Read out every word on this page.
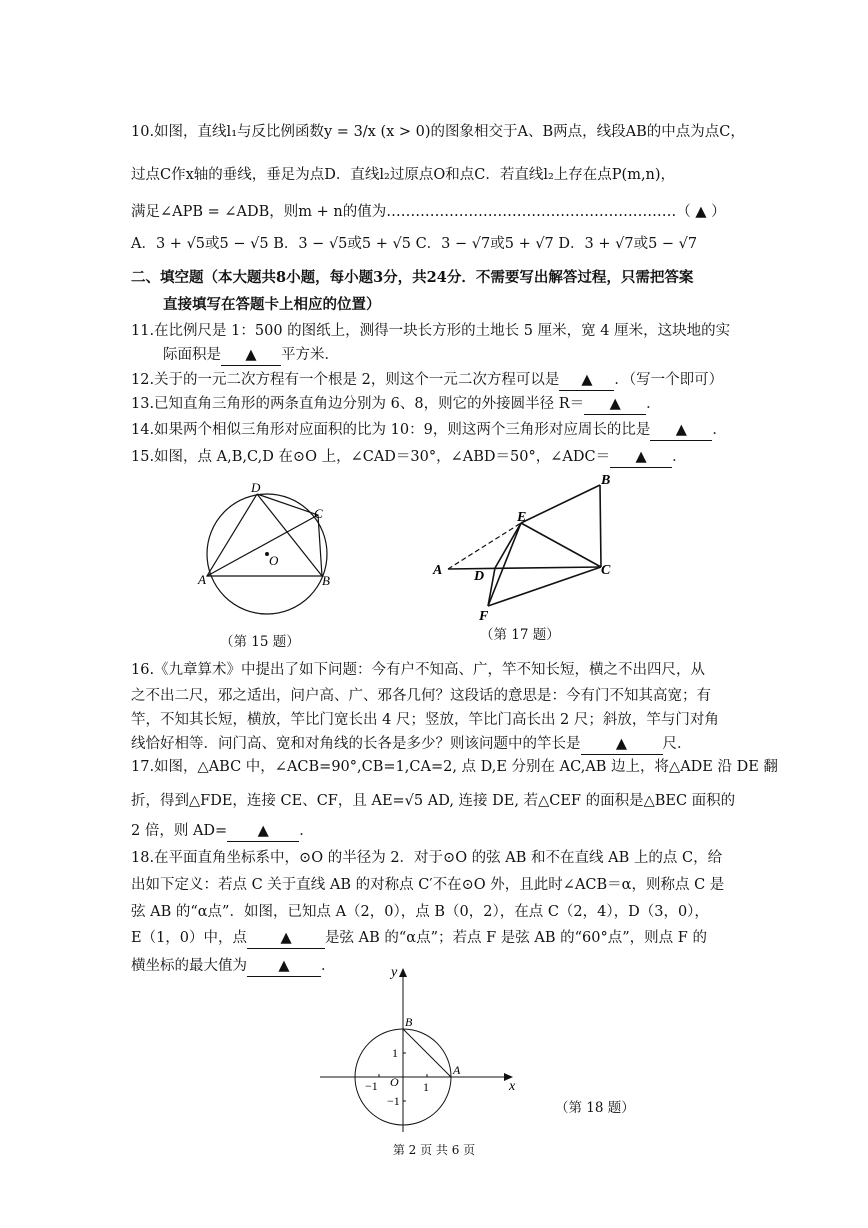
10.如图，直线l₁与反比例函数y = 3/x (x > 0)的图象相交于A、B两点，线段AB的中点为点C，
过点C作x轴的垂线，垂足为点D．直线l₂过原点O和点C．若直线l₂上存在点P(m,n)，
满足∠APB = ∠ADB，则m + n的值为……………………………………………………（ ▲ ）
A．3 + √5或5 − √5 B．3 − √5或5 + √5 C．3 − √7或5 + √7 D．3 + √7或5 − √7
二、填空题（本大题共8小题，每小题3分，共24分．不需要写出解答过程，只需把答案
直接填写在答题卡上相应的位置）
11.在比例尺是 1：500 的图纸上，测得一块长方形的土地长 5 厘米，宽 4 厘米，这块地的实
际面积是 ▲ 平方米．
12.关于的一元二次方程有一个根是 2，则这个一元二次方程可以是 ▲ ．（写一个即可）
13.已知直角三角形的两条直角边分别为 6、8，则它的外接圆半径 R＝ ▲ ．
14.如果两个相似三角形对应面积的比为 10：9，则这两个三角形对应周长的比是 ▲ ．
15.如图，点 A,B,C,D 在⊙O 上，∠CAD＝30°，∠ABD＝50°，∠ADC＝ ▲ ．
D
C
O
A	B
（第 15 题）
B
E
A D	C
F
（第 17 题）
16.《九章算术》中提出了如下问题：今有户不知高、广，竿不知长短，横之不出四尺，从
之不出二尺，邪之适出，问户高、广、邪各几何？这段话的意思是：今有门不知其高宽；有
竿，不知其长短，横放，竿比门宽长出 4 尺；竖放，竿比门高长出 2 尺；斜放，竿与门对角
线恰好相等．问门高、宽和对角线的长各是多少？则该问题中的竿长是 ▲ 尺．
17.如图，△ABC 中，∠ACB=90°,CB=1,CA=2, 点 D,E 分别在 AC,AB 边上，将△ADE 沿 DE 翻
折，得到△FDE，连接 CE、CF，且 AE=√5 AD, 连接 DE, 若△CEF 的面积是△BEC 面积的
2 倍，则 AD= ▲ ．
18.在平面直角坐标系中，⊙O 的半径为 2．对于⊙O 的弦 AB 和不在直线 AB 上的点 C，给
出如下定义：若点 C 关于直线 AB 的对称点 C′不在⊙O 外，且此时∠ACB＝α，则称点 C 是
弦 AB 的“α点”．如图，已知点 A（2，0），点 B（0，2），在点 C（2，4），D（3，0），
E（1，0）中，点 ▲ 是弦 AB 的“α点”；若点 F 是弦 AB 的“60°点”，则点 F 的
横坐标的最大值为 ▲ ．	y
B
1
−1 O 1
A
x
−1	（第 18 题）
第 2 页 共 6 页
